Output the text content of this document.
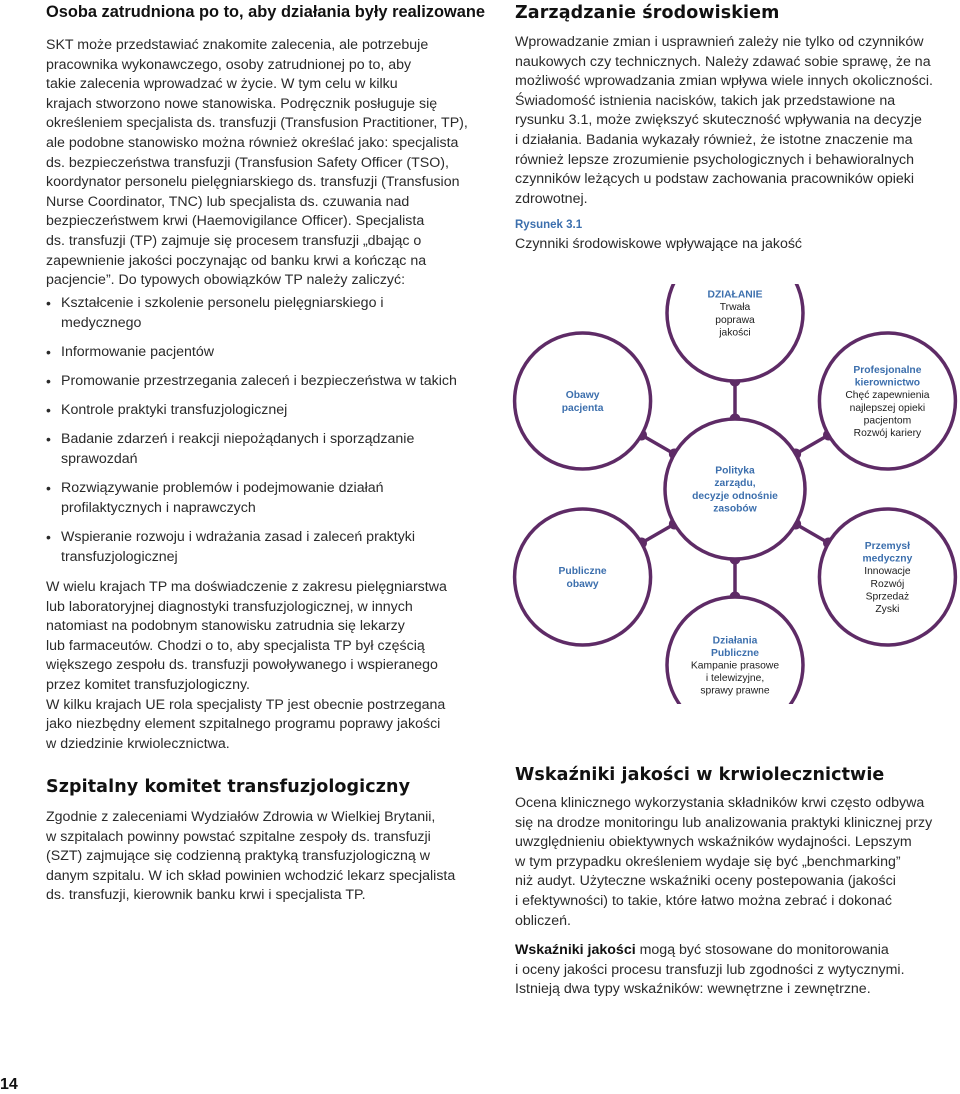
Osoba zatrudniona po to, aby działania były realizowane

SKT może przedstawiać znakomite zalecenia, ale potrzebuje
pracownika wykonawczego, osoby zatrudnionej po to, aby
takie zalecenia wprowadzać w życie. W tym celu w kilku
krajach stworzono nowe stanowiska. Podręcznik posługuje się
określeniem specjalista ds. transfuzji (Transfusion Practitioner, TP),
ale podobne stanowisko można również określać jako: specjalista
ds. bezpieczeństwa transfuzji (Transfusion Safety Officer (TSO),
koordynator personelu pielęgniarskiego ds. transfuzji (Transfusion
Nurse Coordinator, TNC) lub specjalista ds. czuwania nad
bezpieczeństwem krwi (Haemovigilance Officer). Specjalista
ds. transfuzji (TP) zajmuje się procesem transfuzji „dbając o
zapewnienie jakości poczynając od banku krwi a kończąc na
pacjencie”. Do typowych obowiązków TP należy zaliczyć:

• Kształcenie i szkolenie personelu pielęgniarskiego i
medycznego
• Informowanie pacjentów
• Promowanie przestrzegania zaleceń i bezpieczeństwa w takich
• Kontrole praktyki transfuzjologicznej
• Badanie zdarzeń i reakcji niepożądanych i sporządzanie
sprawozdań
• Rozwiązywanie problemów i podejmowanie działań
profilaktycznych i naprawczych
• Wspieranie rozwoju i wdrażania zasad i zaleceń praktyki
transfuzjologicznej

W wielu krajach TP ma doświadczenie z zakresu pielęgniarstwa
lub laboratoryjnej diagnostyki transfuzjologicznej, w innych
natomiast na podobnym stanowisku zatrudnia się lekarzy
lub farmaceutów. Chodzi o to, aby specjalista TP był częścią
większego zespołu ds. transfuzji powoływanego i wspieranego
przez komitet transfuzjologiczny.
W kilku krajach UE rola specjalisty TP jest obecnie postrzegana
jako niezbędny element szpitalnego programu poprawy jakości
w dziedzinie krwiolecznictwa.

Szpitalny komitet transfuzjologiczny

Zgodnie z zaleceniami Wydziałów Zdrowia w Wielkiej Brytanii,
w szpitalach powinny powstać szpitalne zespoły ds. transfuzji
(SZT) zajmujące się codzienną praktyką transfuzjologiczną w
danym szpitalu. W ich skład powinien wchodzić lekarz specjalista
ds. transfuzji, kierownik banku krwi i specjalista TP.

14
Zarządzanie środowiskiem

Wprowadzanie zmian i usprawnień zależy nie tylko od czynników
naukowych czy technicznych. Należy zdawać sobie sprawę, że na
możliwość wprowadzania zmian wpływa wiele innych okoliczności.
Świadomość istnienia nacisków, takich jak przedstawione na
rysunku 3.1, może zwiększyć skuteczność wpływania na decyzje
i działania. Badania wykazały również, że istotne znaczenie ma
również lepsze zrozumienie psychologicznych i behawioralnych
czynników leżących u podstaw zachowania pracowników opieki
zdrowotnej.

Rysunek 3.1
Czynniki środowiskowe wpływające na jakość
Polityka
zarządu,
decyzje odnośnie
zasobów
DZIAŁANIE
Trwała
poprawa
jakości
Profesjonalne
kierownictwo
Chęć zapewnienia
najlepszej opieki
pacjentom
Rozwój kariery
Przemysł
medyczny
Innowacje
Rozwój
Sprzedaż
Zyski
Działania
Publiczne
Kampanie prasowe
i telewizyjne,
sprawy prawne
Publiczne
obawy
Obawy
pacjenta
Wskaźniki jakości w krwiolecznictwie

Ocena klinicznego wykorzystania składników krwi często odbywa
się na drodze monitoringu lub analizowania praktyki klinicznej przy
uwzględnieniu obiektywnych wskaźników wydajności. Lepszym
w tym przypadku określeniem wydaje się być „benchmarking”
niż audyt. Użyteczne wskaźniki oceny postepowania (jakości
i efektywności) to takie, które łatwo można zebrać i dokonać
obliczeń.

Wskaźniki jakości mogą być stosowane do monitorowania
i oceny jakości procesu transfuzji lub zgodności z wytycznymi.
Istnieją dwa typy wskaźników: wewnętrzne i zewnętrzne.
